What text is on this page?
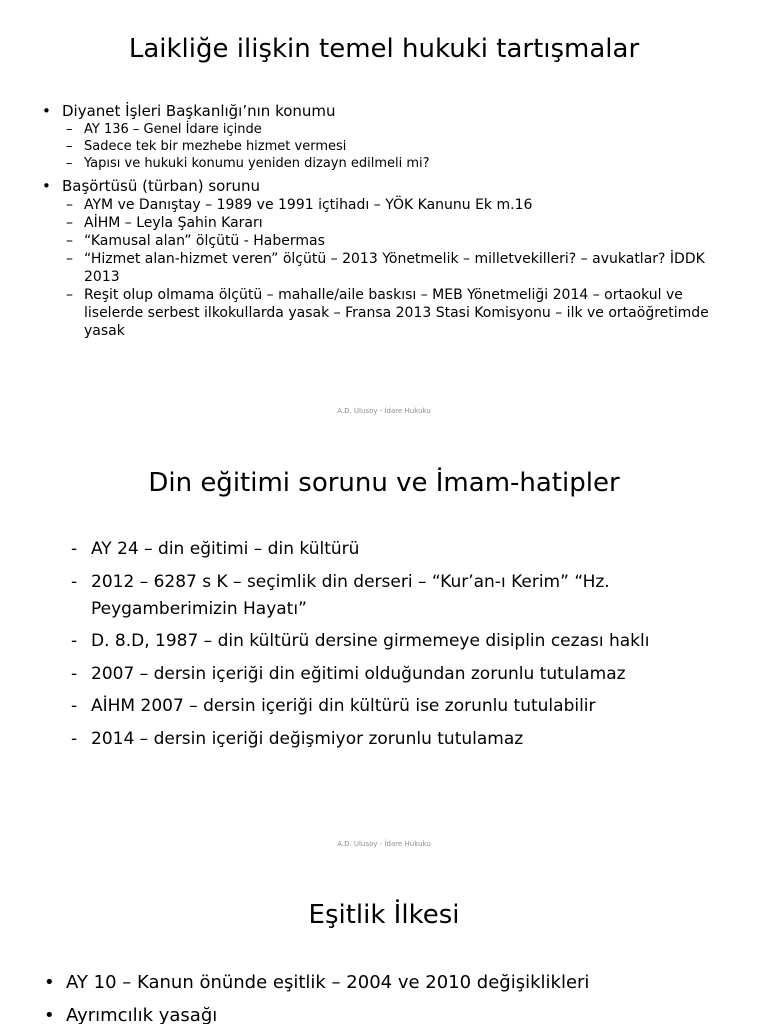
Laikliğe ilişkin temel hukuki tartışmalar
• Diyanet İşleri Başkanlığı’nın konumu
– AY 136 – Genel İdare içinde
– Sadece tek bir mezhebe hizmet vermesi
– Yapısı ve hukuki konumu yeniden dizayn edilmeli mi?
• Başörtüsü (türban) sorunu
– AYM ve Danıştay – 1989 ve 1991 içtihadı – YÖK Kanunu Ek m.16
– AİHM – Leyla Şahin Kararı
– “Kamusal alan” ölçütü - Habermas
– “Hizmet alan-hizmet veren” ölçütü – 2013 Yönetmelik – milletvekilleri? – avukatlar? İDDK 2013
– Reşit olup olmama ölçütü – mahalle/aile baskısı – MEB Yönetmeliği 2014 – ortaokul ve liselerde serbest ilkokullarda yasak – Fransa 2013 Stasi Komisyonu – ilk ve ortaöğretimde yasak
A.D. Ulusoy - İdare Hukuku
Din eğitimi sorunu ve İmam-hatipler
- AY 24 – din eğitimi – din kültürü
- 2012 – 6287 s K – seçimlik din derseri – “Kur’an-ı Kerim” “Hz. Peygamberimizin Hayatı”
- D. 8.D, 1987 – din kültürü dersine girmemeye disiplin cezası haklı
- 2007 – dersin içeriği din eğitimi olduğundan zorunlu tutulamaz
- AİHM 2007 – dersin içeriği din kültürü ise zorunlu tutulabilir
- 2014 – dersin içeriği değişmiyor zorunlu tutulamaz
A.D. Ulusoy - İdare Hukuku
Eşitlik İlkesi
• AY 10 – Kanun önünde eşitlik – 2004 ve 2010 değişiklikleri
• Ayrımcılık yasağı
